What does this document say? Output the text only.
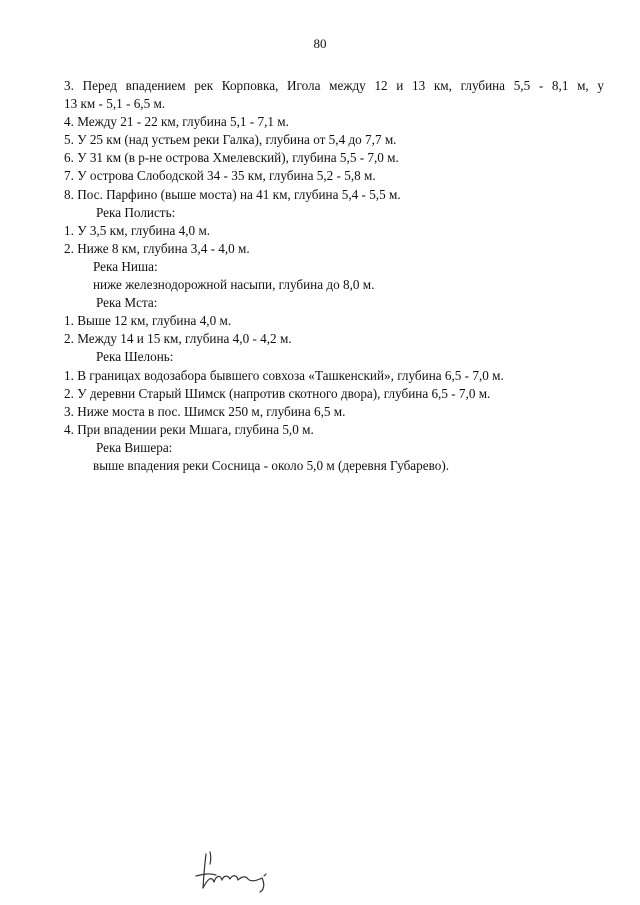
80
3. Перед впадением рек Корповка, Игола между 12 и 13 км, глубина 5,5 - 8,1 м, у
13 км - 5,1 - 6,5 м.
4. Между 21 - 22 км, глубина 5,1 - 7,1 м.
5. У 25 км (над устьем реки Галка), глубина от 5,4 до 7,7 м.
6. У 31 км (в р-не острова Хмелевский), глубина 5,5 - 7,0 м.
7. У острова Слободской 34 - 35 км, глубина 5,2 - 5,8 м.
8. Пос. Парфино (выше моста) на 41 км, глубина 5,4 - 5,5 м.
Река Полисть:
1. У 3,5 км, глубина 4,0 м.
2. Ниже 8 км, глубина 3,4 - 4,0 м.
Река Ниша:
ниже железнодорожной насыпи, глубина до 8,0 м.
Река Мста:
1. Выше 12 км, глубина 4,0 м.
2. Между 14 и 15 км, глубина 4,0 - 4,2 м.
Река Шелонь:
1. В границах водозабора бывшего совхоза «Ташкенский», глубина 6,5 - 7,0 м.
2. У деревни Старый Шимск (напротив скотного двора), глубина 6,5 - 7,0 м.
3. Ниже моста в пос. Шимск 250 м, глубина 6,5 м.
4. При впадении реки Мшага, глубина 5,0 м.
Река Вишера:
выше впадения реки Сосница - около 5,0 м (деревня Губарево).
